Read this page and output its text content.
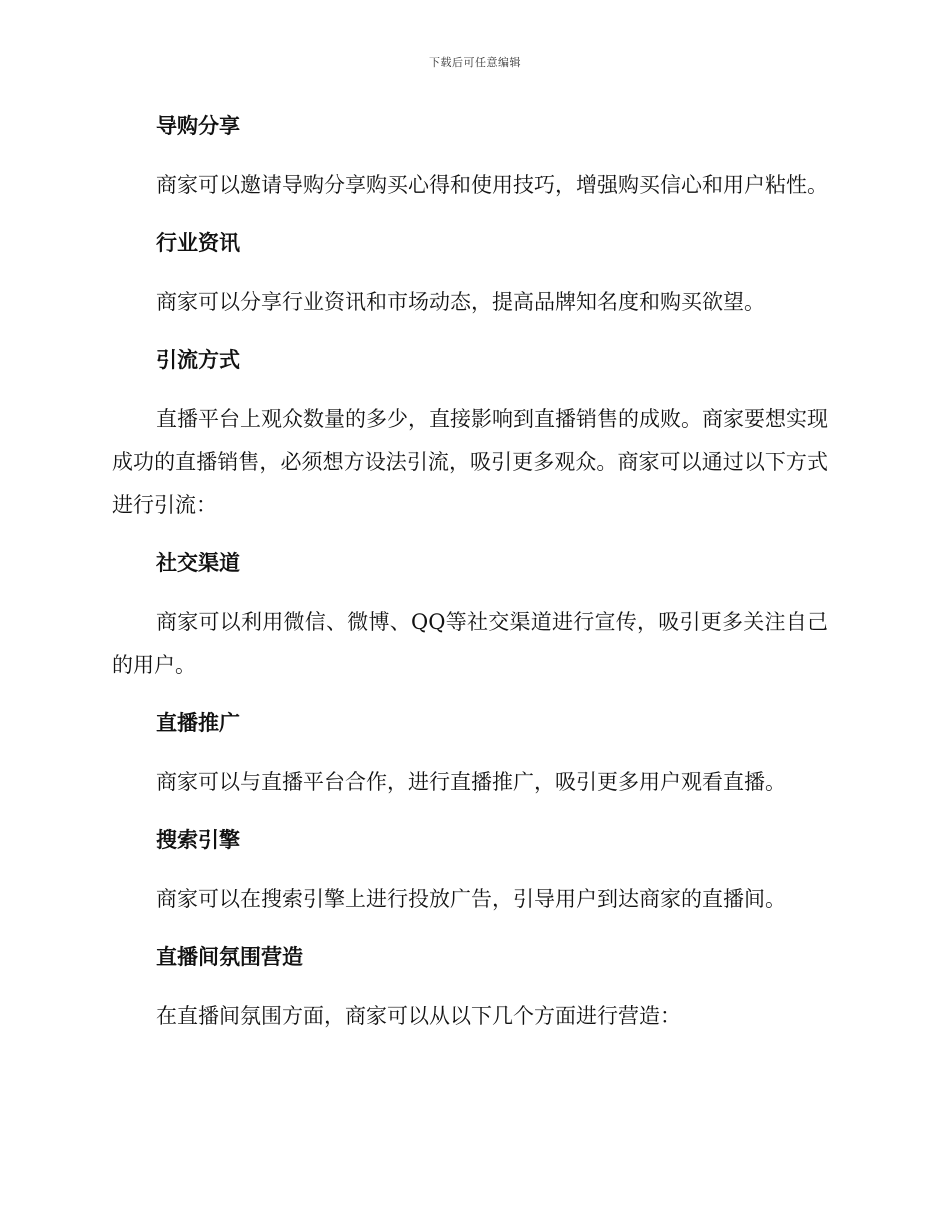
下载后可任意编辑
导购分享

商家可以邀请导购分享购买心得和使用技巧，增强购买信心和用户粘性。

行业资讯

商家可以分享行业资讯和市场动态，提高品牌知名度和购买欲望。

引流方式

直播平台上观众数量的多少，直接影响到直播销售的成败。商家要想实现成功的直播销售，必须想方设法引流，吸引更多观众。商家可以通过以下方式进行引流：

社交渠道

商家可以利用微信、微博、QQ等社交渠道进行宣传，吸引更多关注自己的用户。

直播推广

商家可以与直播平台合作，进行直播推广，吸引更多用户观看直播。

搜索引擎

商家可以在搜索引擎上进行投放广告，引导用户到达商家的直播间。

直播间氛围营造

在直播间氛围方面，商家可以从以下几个方面进行营造：
